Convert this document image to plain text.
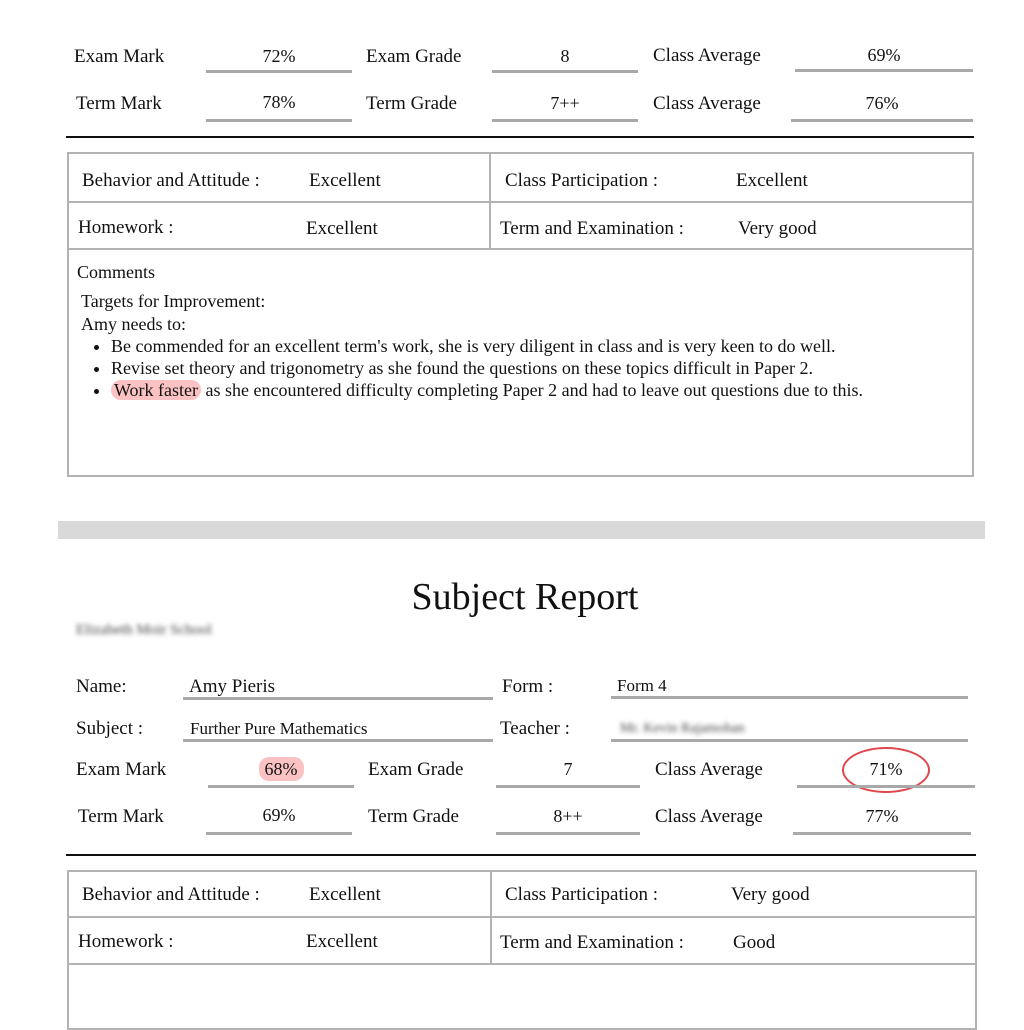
Exam Mark	72%	Exam Grade	8	Class Average	69%
Term Mark	78%	Term Grade	7++	Class Average	76%
Behavior and Attitude :	Excellent	Class Participation :	Excellent
Homework :	Excellent	Term and Examination :	Very good
Comments
Targets for Improvement:
Amy needs to:
• Be commended for an excellent term's work, she is very diligent in class and is very keen to do well.
• Revise set theory and trigonometry as she found the questions on these topics difficult in Paper 2.
• Work faster as she encountered difficulty completing Paper 2 and had to leave out questions due to this.
Subject Report
Elizabeth Moir School
Name:	Amy Pieris	Form :	Form 4
Subject :	Further Pure Mathematics	Teacher :	Mr. Kevin Rajamohan
Exam Mark	68%	Exam Grade	7	Class Average	71%
Term Mark	69%	Term Grade	8++	Class Average	77%
Behavior and Attitude :	Excellent	Class Participation :	Very good
Homework :	Excellent	Term and Examination :	Good
